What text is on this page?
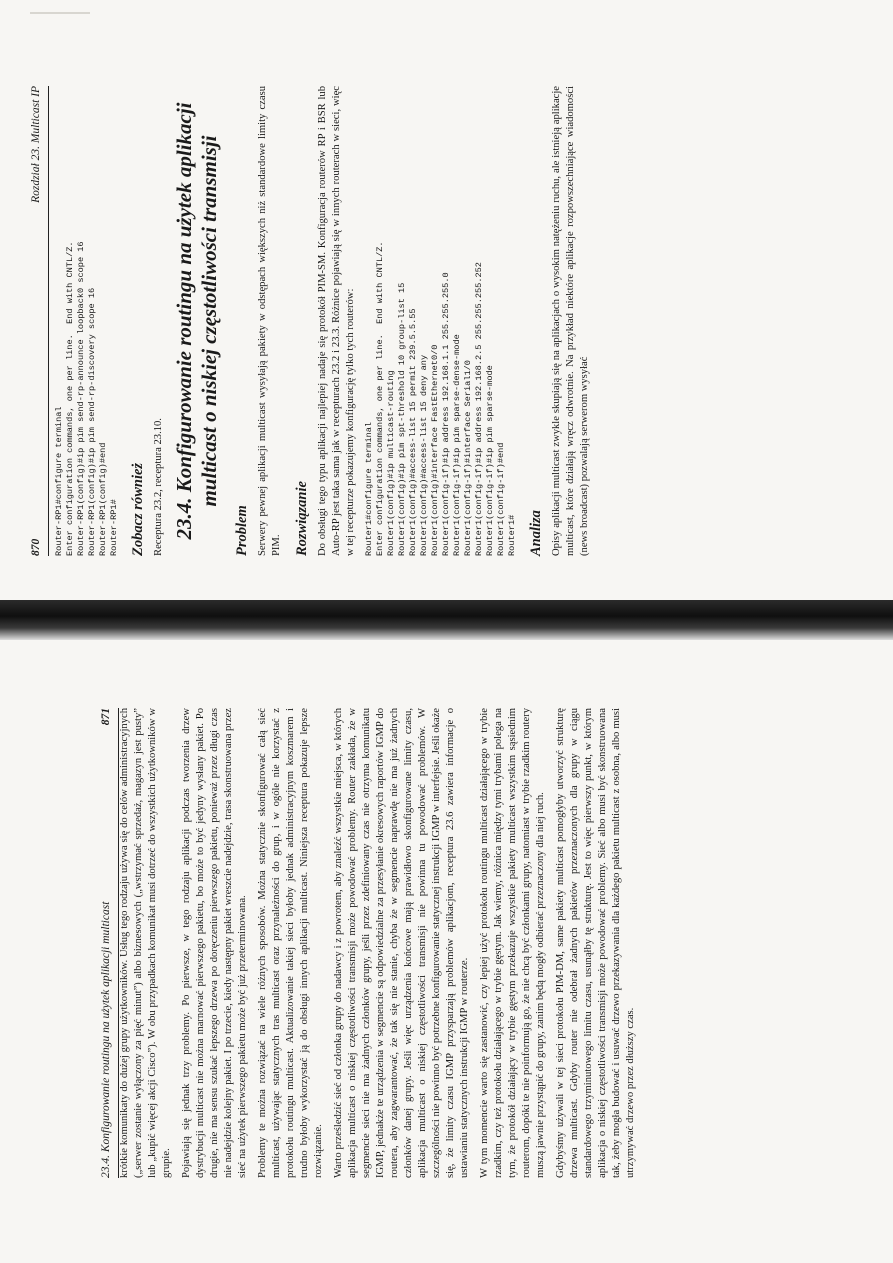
870
Rozdział 23. Multicast IP
Router-RP1#configure terminal
Enter configuration commands, one per line.  End with CNTL/Z.
Router-RP1(config)#ip pim send-rp-announce loopback0 scope 16
Router-RP1(config)#ip pim send-rp-discovery scope 16
Router-RP1(config)#end
Router-RP1# Zobacz również Receptura 23.2, receptura 23.10. 23.4. Konfigurowanie routingu na użytek aplikacji multicast o niskiej częstotliwości transmisji
Problem Serwery pewnej aplikacji multicast wysyłają pakiety w odstępach większych niż standardowe limity czasu PIM. Rozwiązanie Do obsługi tego typu aplikacji najlepiej nadaje się protokół PIM-SM. Konfiguracja routerów RP i BSR lub Auto-RP jest taka sama jak w recepturach 23.2 i 23.3. Różnice pojawiają się w innych routerach w sieci, więc w tej recepturze pokazujemy konfigurację tylko tych routerów: Router1#configure terminal
Enter configuration commands, one per line.  End with CNTL/Z.
Router1(config)#ip multicast-routing
Router1(config)#ip pim spt-threshold 10 group-list 15
Router1(config)#access-list 15 permit 239.5.5.55
Router1(config)#access-list 15 deny any
Router1(config)#interface FastEthernet0/0
Router1(config-if)#ip address 192.168.1.1 255.255.255.0
Router1(config-if)#ip pim sparse-dense-mode
Router1(config-if)#interface Serial1/0
Router1(config-if)#ip address 192.168.2.5 255.255.255.252
Router1(config-if)#ip pim sparse-mode
Router1(config-if)#end
Router1# Analiza Opisy aplikacji multicast zwykle skupiają się na aplikacjach o wysokim natężeniu ruchu, ale istnieją aplikacje multicast, które działają wręcz odwrotnie. Na przykład niektóre aplikacje rozpowszechniające wiadomości (news broadcast) pozwalają serwerom wysyłać

23.4. Konfigurowanie routingu na użytek aplikacji multicast
871 krótkie komunikaty do dużej grupy użytkowników. Usług tego rodzaju używa się do celów administracyjnych („serwer zostanie wyłączony za pięć minut”) albo biznesowych („wstrzymać sprzedaż, magazyn jest pusty” lub „kupić więcej akcji Cisco”). W obu przypadkach komunikat musi dotrzeć do wszystkich użytkowników w grupie. Pojawiają się jednak trzy problemy. Po pierwsze, w tego rodzaju aplikacji podczas tworzenia drzew dystrybucji multicast nie można marnować pierwszego pakietu, bo może to być jedyny wysłany pakiet. Po drugie, nie ma sensu szukać lepszego drzewa po doręczeniu pierwszego pakietu, ponieważ przez długi czas nie nadejdzie kolejny pakiet. I po trzecie, kiedy następny pakiet wreszcie nadejdzie, trasa skonstruowana przez sieć na użytek pierwszego pakietu może być już przeterminowana. Problemy te można rozwiązać na wiele różnych sposobów. Można statycznie skonfigurować całą sieć multicast, używając statycznych tras multicast oraz przynależności do grup, i w ogóle nie korzystać z protokołu routingu multicast. Aktualizowanie takiej sieci byłoby jednak administracyjnym koszmarem i trudno byłoby wykorzystać ją do obsługi innych aplikacji multicast. Niniejsza receptura pokazuje lepsze rozwiązanie. Warto prześledzić sieć od członka grupy do nadawcy i z powrotem, aby znaleźć wszystkie miejsca, w których aplikacja multicast o niskiej częstotliwości transmisji może powodować problemy. Router zakłada, że w segmencie sieci nie ma żadnych członków grupy, jeśli przez zdefiniowany czas nie otrzyma komunikatu IGMP, jednakże te urządzenia w segmencie są odpowiedzialne za przesyłanie okresowych raportów IGMP do routera, aby zagwarantować, że tak się nie stanie, chyba że w segmencie naprawdę nie ma już żadnych członków danej grupy. Jeśli więc urządzenia końcowe mają prawidłowo skonfigurowane limity czasu, aplikacja multicast o niskiej częstotliwości transmisji nie powinna tu powodować problemów. W szczególności nie powinno być potrzebne konfigurowanie statycznej instrukcji IGMP w interfejsie. Jeśli okaże się, że limity czasu IGMP przysparzają problemów aplikacjom, receptura 23.6 zawiera informacje o ustawianiu statycznych instrukcji IGMP w routerze. W tym momencie warto się zastanowić, czy lepiej użyć protokołu routingu multicast działającego w trybie rzadkim, czy też protokołu działającego w trybie gęstym. Jak wiemy, różnica między tymi trybami polega na tym, że protokół działający w trybie gęstym przekazuje wszystkie pakiety multicast wszystkim sąsiednim routerom, dopóki te nie poinformują go, że nie chcą być członkami grupy, natomiast w trybie rzadkim routery muszą jawnie przystąpić do grupy, zanim będą mogły odbierać przeznaczony dla niej ruch. Gdybyśmy używali w tej sieci protokołu PIM-DM, same pakiety multicast pomogłyby utworzyć strukturę drzewa multicast. Gdyby router nie odebrał żadnych pakietów przeznaczonych dla grupy w ciągu standardowego trzyminutowego limitu czasu, usunąłby tę strukturę. Jest to więc pierwszy punkt, w którym aplikacja o niskiej częstotliwości transmisji może powodować problemy. Sieć albo musi być skonstruowana tak, żeby mogła budować i usuwać drzewo przekazywania dla każdego pakietu multicast z osobna, albo musi utrzymywać drzewo przez dłuższy czas.
